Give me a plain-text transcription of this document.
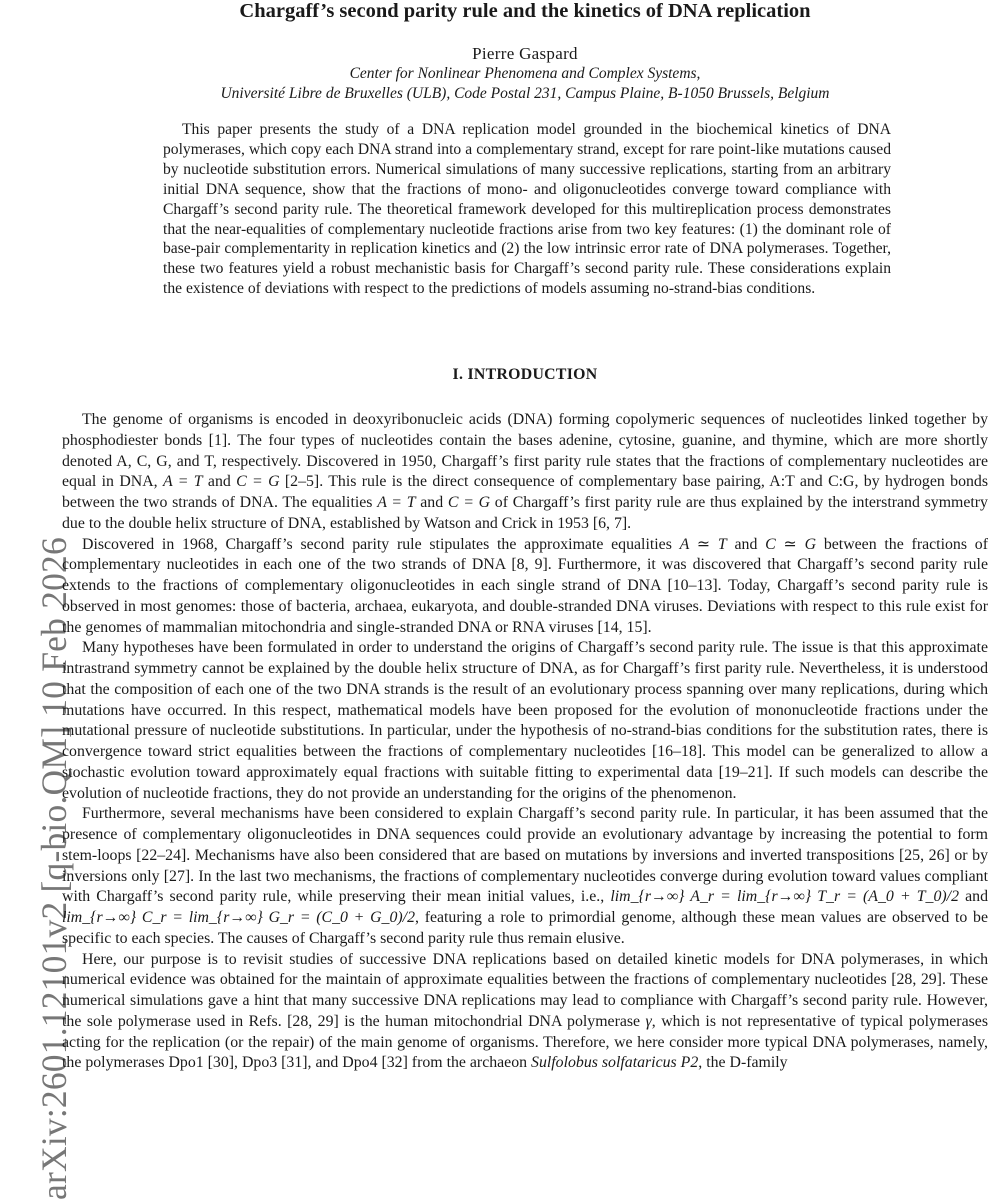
arXiv:2601.12101v2 [q-bio.QM] 10 Feb 2026
Chargaff’s second parity rule and the kinetics of DNA replication
Pierre Gaspard
Center for Nonlinear Phenomena and Complex Systems,
Université Libre de Bruxelles (ULB), Code Postal 231, Campus Plaine, B-1050 Brussels, Belgium

This paper presents the study of a DNA replication model grounded in the biochemical kinetics of DNA polymerases, which copy each DNA strand into a complementary strand, except for rare point-like mutations caused by nucleotide substitution errors. Numerical simulations of many successive replications, starting from an arbitrary initial DNA sequence, show that the fractions of mono- and oligonucleotides converge toward compliance with Chargaff’s second parity rule. The theoretical framework developed for this multireplication process demonstrates that the near-equalities of complementary nucleotide fractions arise from two key features: (1) the dominant role of base-pair complementarity in replication kinetics and (2) the low intrinsic error rate of DNA polymerases. Together, these two features yield a robust mechanistic basis for Chargaff’s second parity rule. These considerations explain the existence of deviations with respect to the predictions of models assuming no-strand-bias conditions.

I. INTRODUCTION

The genome of organisms is encoded in deoxyribonucleic acids (DNA) forming copolymeric sequences of nucleotides linked together by phosphodiester bonds [1]. The four types of nucleotides contain the bases adenine, cytosine, guanine, and thymine, which are more shortly denoted A, C, G, and T, respectively. Discovered in 1950, Chargaff’s first parity rule states that the fractions of complementary nucleotides are equal in DNA, A = T and C = G [2–5]. This rule is the direct consequence of complementary base pairing, A:T and C:G, by hydrogen bonds between the two strands of DNA. The equalities A = T and C = G of Chargaff’s first parity rule are thus explained by the interstrand symmetry due to the double helix structure of DNA, established by Watson and Crick in 1953 [6, 7].

Discovered in 1968, Chargaff’s second parity rule stipulates the approximate equalities A ≃ T and C ≃ G between the fractions of complementary nucleotides in each one of the two strands of DNA [8, 9]. Furthermore, it was discovered that Chargaff’s second parity rule extends to the fractions of complementary oligonucleotides in each single strand of DNA [10–13]. Today, Chargaff’s second parity rule is observed in most genomes: those of bacteria, archaea, eukaryota, and double-stranded DNA viruses. Deviations with respect to this rule exist for the genomes of mammalian mitochondria and single-stranded DNA or RNA viruses [14, 15].

Many hypotheses have been formulated in order to understand the origins of Chargaff’s second parity rule. The issue is that this approximate intrastrand symmetry cannot be explained by the double helix structure of DNA, as for Chargaff’s first parity rule. Nevertheless, it is understood that the composition of each one of the two DNA strands is the result of an evolutionary process spanning over many replications, during which mutations have occurred. In this respect, mathematical models have been proposed for the evolution of mononucleotide fractions under the mutational pressure of nucleotide substitutions. In particular, under the hypothesis of no-strand-bias conditions for the substitution rates, there is convergence toward strict equalities between the fractions of complementary nucleotides [16–18]. This model can be generalized to allow a stochastic evolution toward approximately equal fractions with suitable fitting to experimental data [19–21]. If such models can describe the evolution of nucleotide fractions, they do not provide an understanding for the origins of the phenomenon.

Furthermore, several mechanisms have been considered to explain Chargaff’s second parity rule. In particular, it has been assumed that the presence of complementary oligonucleotides in DNA sequences could provide an evolutionary advantage by increasing the potential to form stem-loops [22–24]. Mechanisms have also been considered that are based on mutations by inversions and inverted transpositions [25, 26] or by inversions only [27]. In the last two mechanisms, the fractions of complementary nucleotides converge during evolution toward values compliant with Chargaff’s second parity rule, while preserving their mean initial values, i.e., lim_{r→∞} A_r = lim_{r→∞} T_r = (A_0 + T_0)/2 and lim_{r→∞} C_r = lim_{r→∞} G_r = (C_0 + G_0)/2, featuring a role to primordial genome, although these mean values are observed to be specific to each species. The causes of Chargaff’s second parity rule thus remain elusive.

Here, our purpose is to revisit studies of successive DNA replications based on detailed kinetic models for DNA polymerases, in which numerical evidence was obtained for the maintain of approximate equalities between the fractions of complementary nucleotides [28, 29]. These numerical simulations gave a hint that many successive DNA replications may lead to compliance with Chargaff’s second parity rule. However, the sole polymerase used in Refs. [28, 29] is the human mitochondrial DNA polymerase γ, which is not representative of typical polymerases acting for the replication (or the repair) of the main genome of organisms. Therefore, we here consider more typical DNA polymerases, namely, the polymerases Dpo1 [30], Dpo3 [31], and Dpo4 [32] from the archaeon Sulfolobus solfataricus P2, the D-family
